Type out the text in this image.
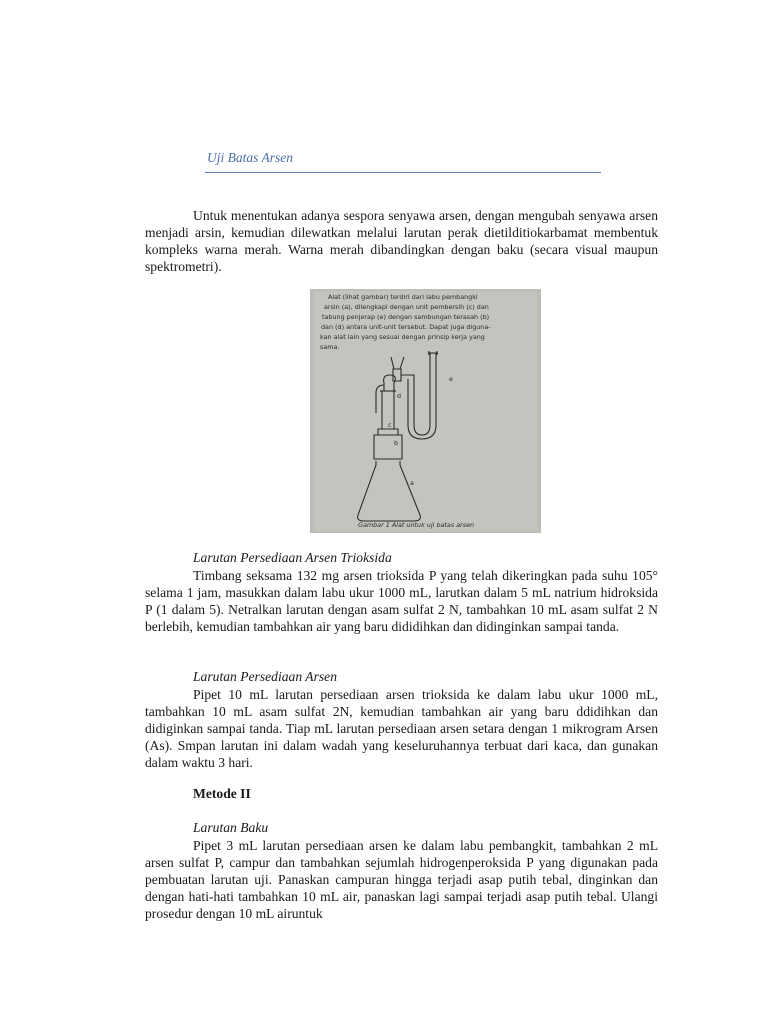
Uji Batas Arsen

Untuk menentukan adanya sespora senyawa arsen, dengan mengubah senyawa arsen menjadi arsin, kemudian dilewatkan melalui larutan perak dietilditiokarbamat membentuk kompleks warna merah. Warna merah dibandingkan dengan baku (secara visual maupun spektrometri).

Alat (lihat gambar) terdiri dari labu pembangki
arsin (a), dilengkapi dengan unit pembersih (c) dan
tabung penjerap (e) dengan sambungan terasah (b)
dan (d) antara unit-unit tersebut. Dapat juga diguna-
kan alat lain yang sesuai dengan prinsip kerja yang
sama.
e
d
c
b
a
Gambar 1 Alat untuk uji batas arsen

Larutan Persediaan Arsen Trioksida

Timbang seksama 132 mg arsen trioksida P yang telah dikeringkan pada suhu 105° selama 1 jam, masukkan dalam labu ukur 1000 mL, larutkan dalam 5 mL natrium hidroksida P (1 dalam 5). Netralkan larutan dengan asam sulfat 2 N, tambahkan 10 mL asam sulfat 2 N berlebih, kemudian tambahkan air yang baru dididihkan dan didinginkan sampai tanda.

Larutan Persediaan Arsen

Pipet 10 mL larutan persediaan arsen trioksida ke dalam labu ukur 1000 mL, tambahkan 10 mL asam sulfat 2N, kemudian tambahkan air yang baru ddidihkan dan didiginkan sampai tanda. Tiap mL larutan persediaan arsen setara dengan 1 mikrogram Arsen (As). Smpan larutan ini dalam wadah yang keseluruhannya terbuat dari kaca, dan gunakan dalam waktu 3 hari.

Metode II

Larutan Baku

Pipet 3 mL larutan persediaan arsen ke dalam labu pembangkit, tambahkan 2 mL arsen sulfat P, campur dan tambahkan sejumlah hidrogenperoksida P yang digunakan pada pembuatan larutan uji. Panaskan campuran hingga terjadi asap putih tebal, dinginkan dan dengan hati-hati tambahkan 10 mL air, panaskan lagi sampai terjadi asap putih tebal. Ulangi prosedur dengan 10 mL airuntuk
